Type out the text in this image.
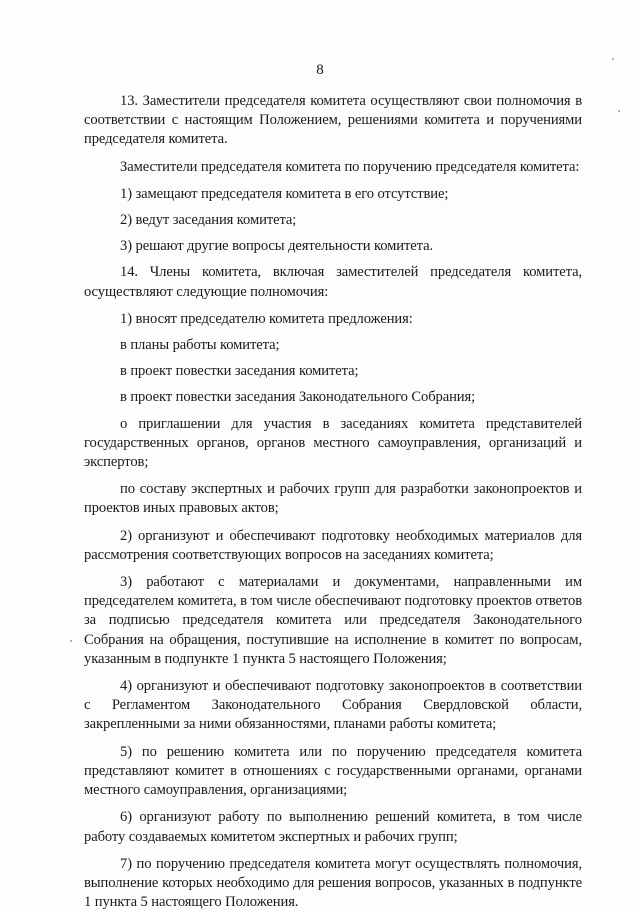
8

13. Заместители председателя комитета осуществляют свои полномочия в соответствии с настоящим Положением, решениями комитета и поручениями председателя комитета.

Заместители председателя комитета по поручению председателя комитета:

1) замещают председателя комитета в его отсутствие;

2) ведут заседания комитета;

3) решают другие вопросы деятельности комитета.

14. Члены комитета, включая заместителей председателя комитета, осуществляют следующие полномочия:

1) вносят председателю комитета предложения:

в планы работы комитета;

в проект повестки заседания комитета;

в проект повестки заседания Законодательного Собрания;

о приглашении для участия в заседаниях комитета представителей государственных органов, органов местного самоуправления, организаций и экспертов;

по составу экспертных и рабочих групп для разработки законопроектов и проектов иных правовых актов;

2) организуют и обеспечивают подготовку необходимых материалов для рассмотрения соответствующих вопросов на заседаниях комитета;

3) работают с материалами и документами, направленными им председателем комитета, в том числе обеспечивают подготовку проектов ответов за подписью председателя комитета или председателя Законодательного Собрания на обращения, поступившие на исполнение в комитет по вопросам, указанным в подпункте 1 пункта 5 настоящего Положения;

4) организуют и обеспечивают подготовку законопроектов в соответствии с Регламентом Законодательного Собрания Свердловской области, закрепленными за ними обязанностями, планами работы комитета;

5) по решению комитета или по поручению председателя комитета представляют комитет в отношениях с государственными органами, органами местного самоуправления, организациями;

6) организуют работу по выполнению решений комитета, в том числе работу создаваемых комитетом экспертных и рабочих групп;

7) по поручению председателя комитета могут осуществлять полномочия, выполнение которых необходимо для решения вопросов, указанных в подпункте 1 пункта 5 настоящего Положения.
